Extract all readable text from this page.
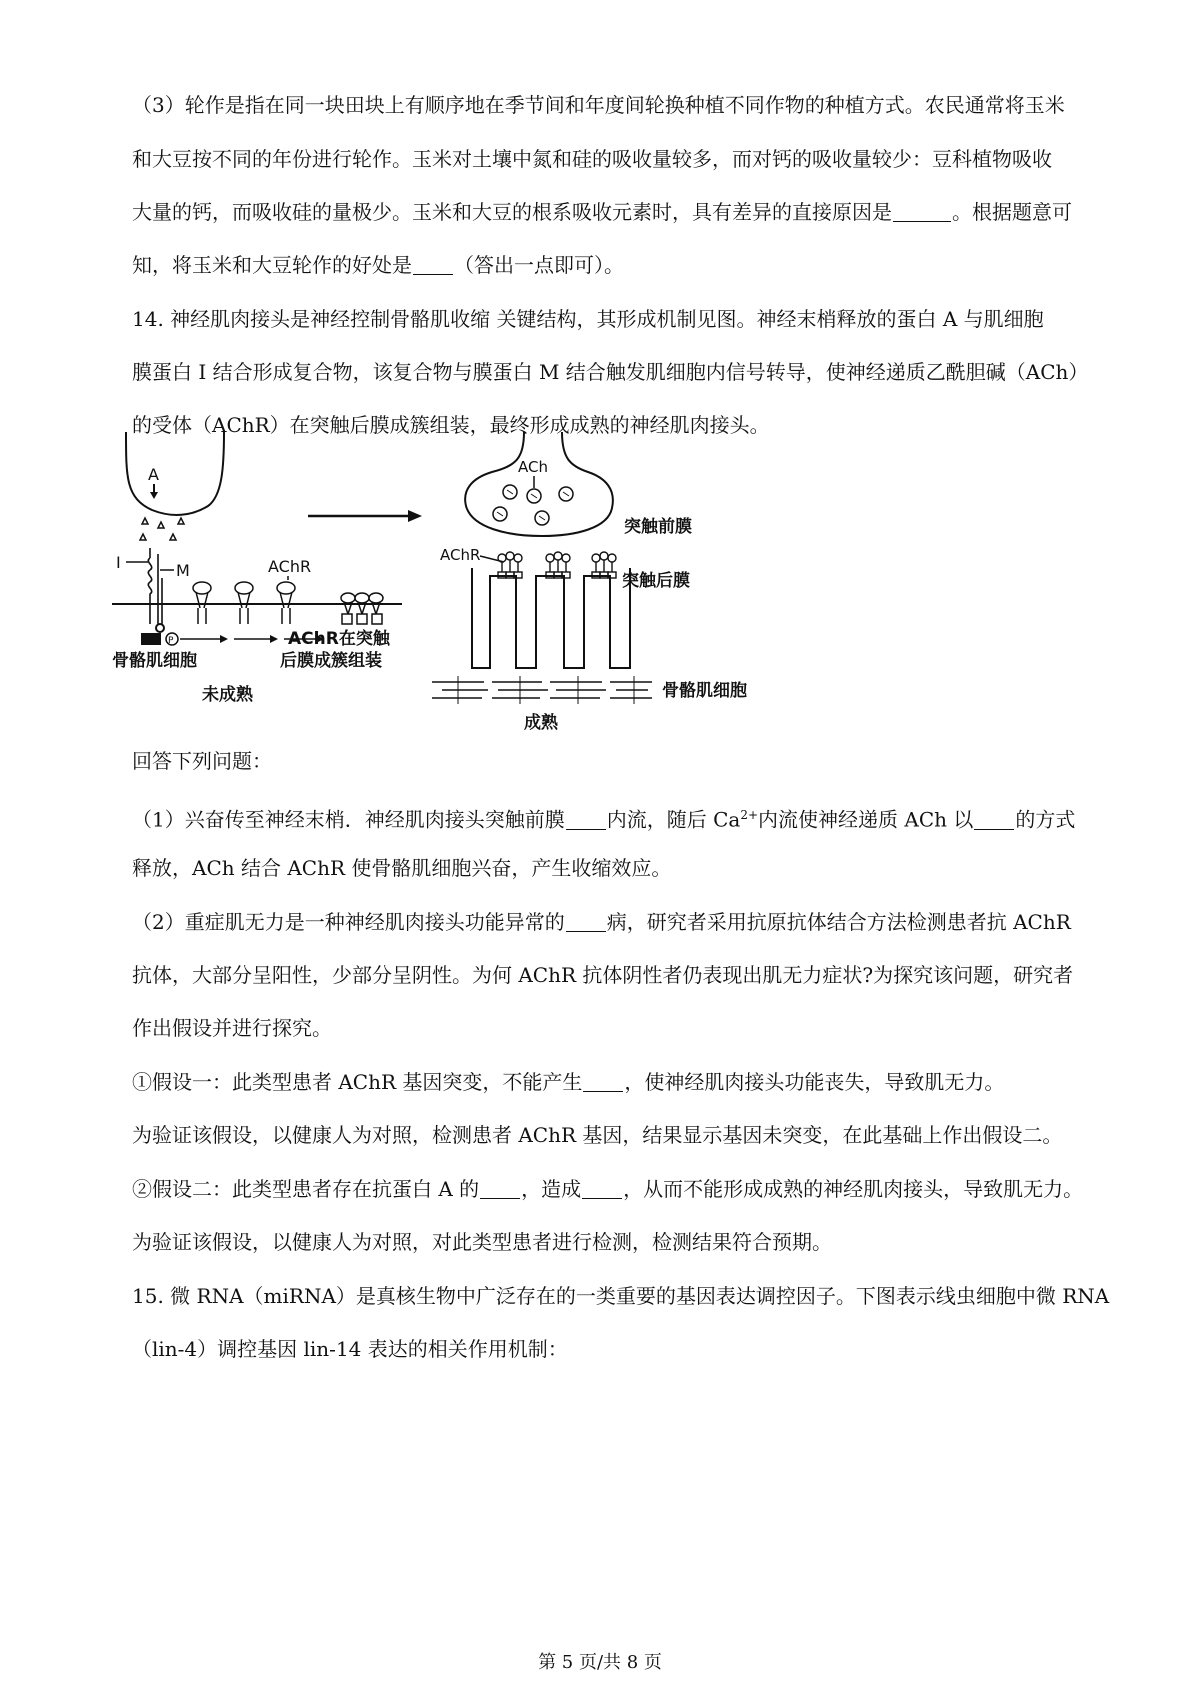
（3）轮作是指在同一块田块上有顺序地在季节间和年度间轮换种植不同作物的种植方式。农民通常将玉米
和大豆按不同的年份进行轮作。玉米对土壤中氮和硅的吸收量较多，而对钙的吸收量较少：豆科植物吸收
大量的钙，而吸收硅的量极少。玉米和大豆的根系吸收元素时，具有差异的直接原因是	。根据题意可
知，将玉米和大豆轮作的好处是 （答出一点即可）。
14. 神经肌肉接头是神经控制骨骼肌收缩 关键结构，其形成机制见图。神经末梢释放的蛋白 A 与肌细胞
膜蛋白 I 结合形成复合物，该复合物与膜蛋白 M 结合触发肌细胞内信号转导，使神经递质乙酰胆碱（ACh）
的受体（AChR）在突触后膜成簇组装，最终形成成熟的神经肌肉接头。
A
I	M
P
AChR
AChR在突触
后膜成簇组装
骨骼肌细胞
未成熟
ACh
突触前膜
AChR
突触后膜
骨骼肌细胞
成熟
回答下列问题：
（1）兴奋传至神经末梢．神经肌肉接头突触前膜 内流，随后 $Ca^{2+}$内流使神经递质 ACh 以 的方式
释放，ACh 结合 AChR 使骨骼肌细胞兴奋，产生收缩效应。
（2）重症肌无力是一种神经肌肉接头功能异常的 病，研究者采用抗原抗体结合方法检测患者抗 AChR
抗体，大部分呈阳性，少部分呈阴性。为何 AChR 抗体阴性者仍表现出肌无力症状?为探究该问题，研究者
作出假设并进行探究。
①假设一：此类型患者 AChR 基因突变，不能产生 ，使神经肌肉接头功能丧失，导致肌无力。
为验证该假设，以健康人为对照，检测患者 AChR 基因，结果显示基因未突变，在此基础上作出假设二。
②假设二：此类型患者存在抗蛋白 A 的 ，造成 ，从而不能形成成熟的神经肌肉接头，导致肌无力。
为验证该假设，以健康人为对照，对此类型患者进行检测，检测结果符合预期。
15. 微 RNA（miRNA）是真核生物中广泛存在的一类重要的基因表达调控因子。下图表示线虫细胞中微 RNA
（lin-4）调控基因 lin-14 表达的相关作用机制：
第 5 页/共 8 页
